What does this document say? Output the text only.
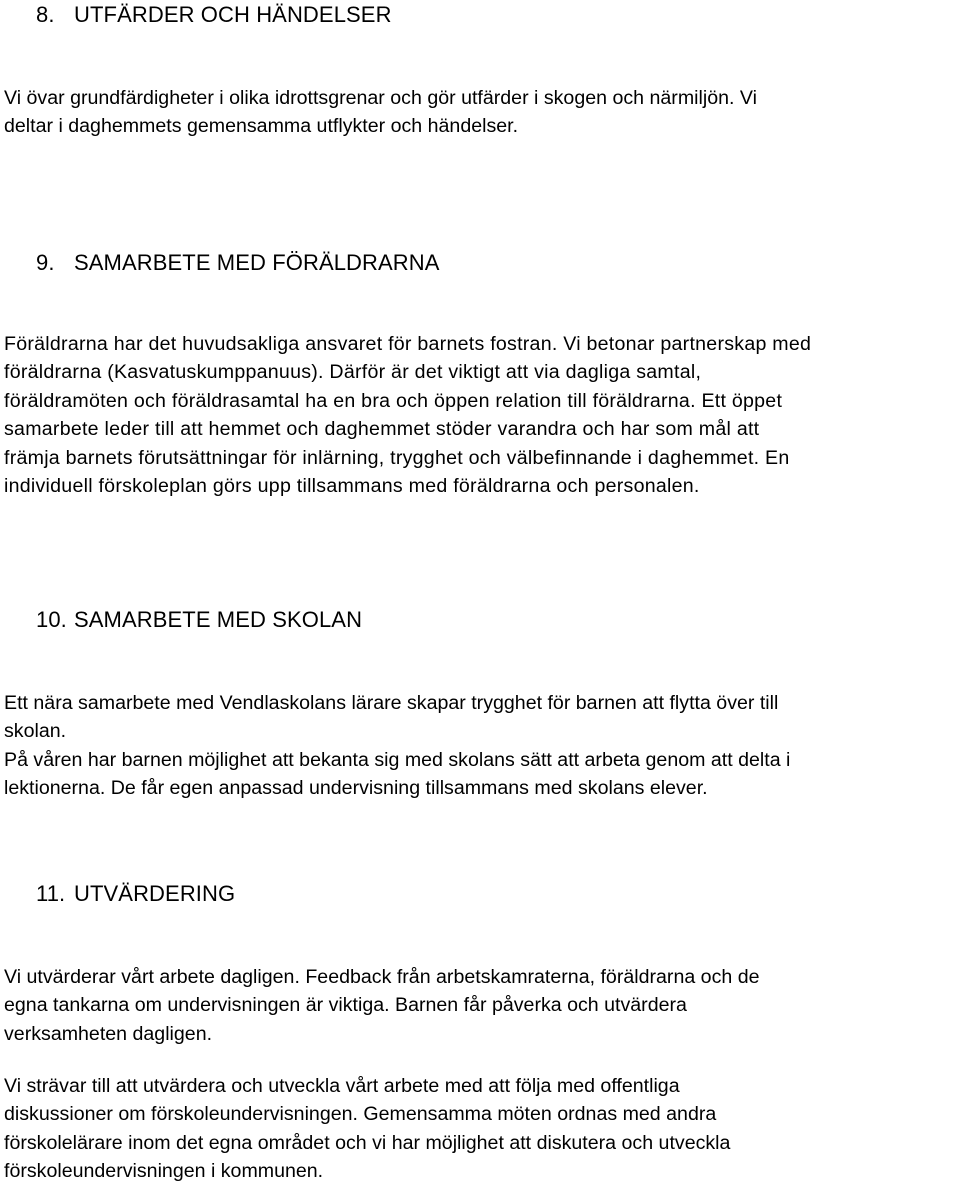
8. UTFÄRDER OCH HÄNDELSER

Vi övar grundfärdigheter i olika idrottsgrenar och gör utfärder i skogen och närmiljön. Vi
deltar i daghemmets gemensamma utflykter och händelser.

9. SAMARBETE MED FÖRÄLDRARNA

Föräldrarna har det huvudsakliga ansvaret för barnets fostran. Vi betonar partnerskap med
föräldrarna (Kasvatuskumppanuus). Därför är det viktigt att via dagliga samtal,
föräldramöten och föräldrasamtal ha en bra och öppen relation till föräldrarna. Ett öppet
samarbete leder till att hemmet och daghemmet stöder varandra och har som mål att
främja barnets förutsättningar för inlärning, trygghet och välbefinnande i daghemmet. En
individuell förskoleplan görs upp tillsammans med föräldrarna och personalen.

10. SAMARBETE MED SKOLAN

Ett nära samarbete med Vendlaskolans lärare skapar trygghet för barnen att flytta över till
skolan.
På våren har barnen möjlighet att bekanta sig med skolans sätt att arbeta genom att delta i
lektionerna. De får egen anpassad undervisning tillsammans med skolans elever.

11. UTVÄRDERING

Vi utvärderar vårt arbete dagligen. Feedback från arbetskamraterna, föräldrarna och de
egna tankarna om undervisningen är viktiga. Barnen får påverka och utvärdera
verksamheten dagligen.

Vi strävar till att utvärdera och utveckla vårt arbete med att följa med offentliga
diskussioner om förskoleundervisningen. Gemensamma möten ordnas med andra
förskolelärare inom det egna området och vi har möjlighet att diskutera och utveckla
förskoleundervisningen i kommunen.
